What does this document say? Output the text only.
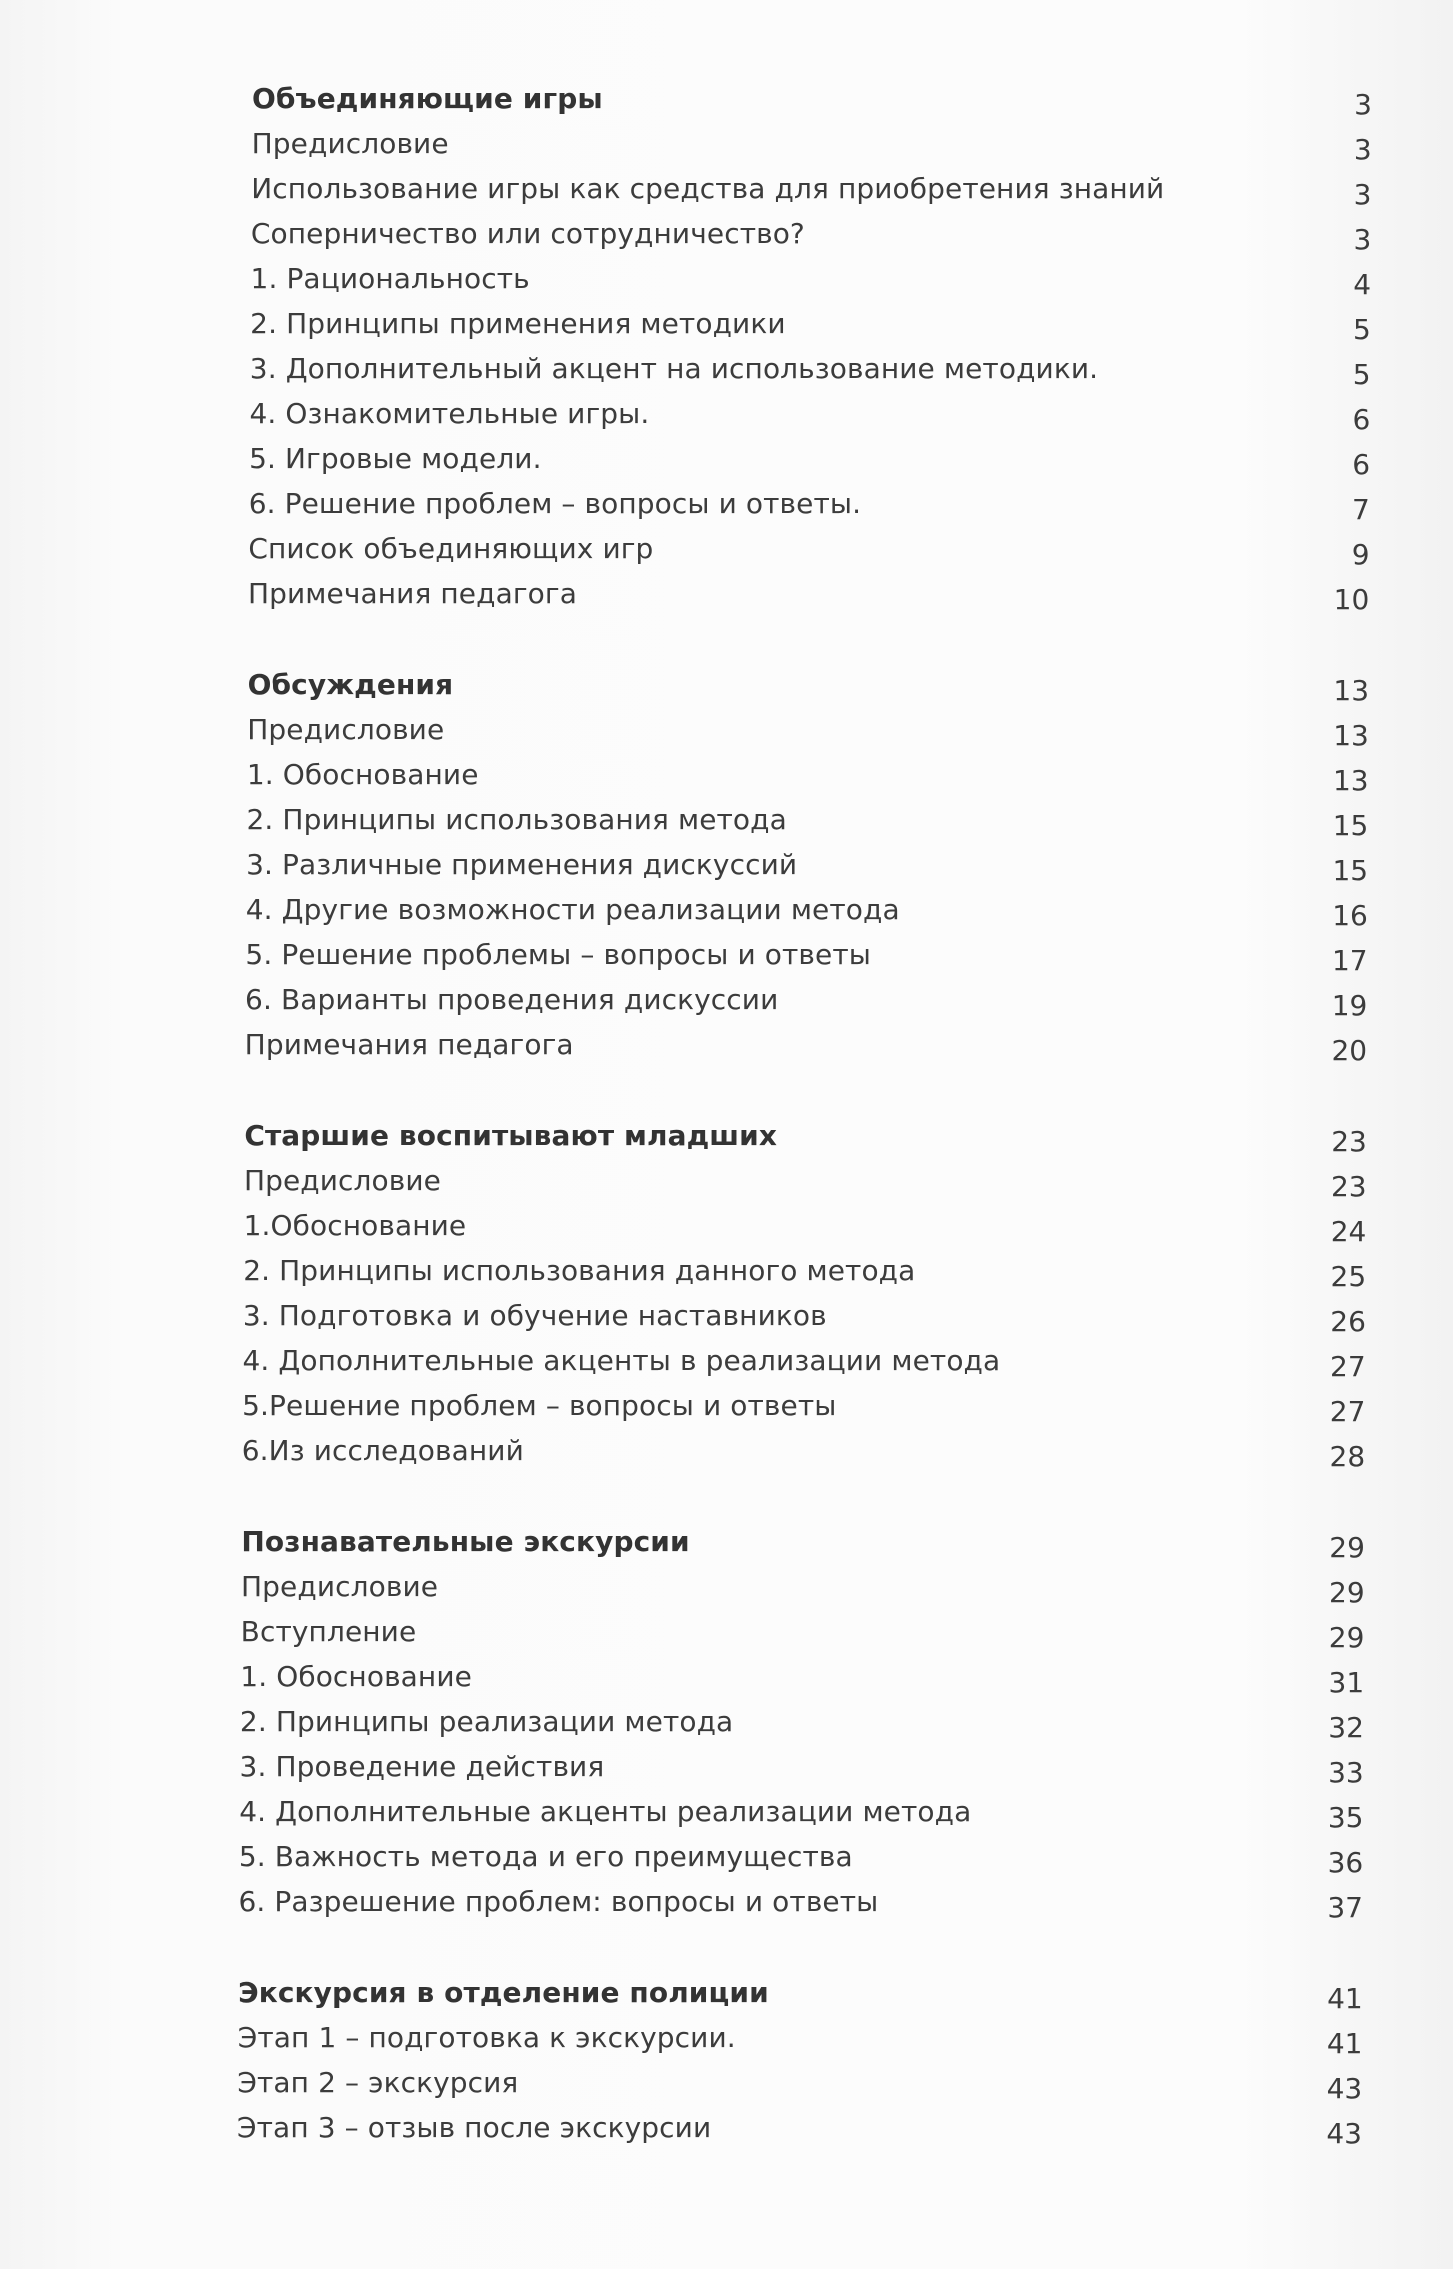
Объединяющие игры	3
Предисловие	3
Использование игры как средства для приобретения знаний	3
Соперничество или сотрудничество?	3
1. Рациональность	4
2. Принципы применения методики	5
3. Дополнительный акцент на использование методики.	5
4. Ознакомительные игры.	6
5. Игровые модели.	6
6. Решение проблем – вопросы и ответы.	7
Список объединяющих игр	9
Примечания педагога	10
Обсуждения	13
Предисловие	13
1. Обоснование	13
2. Принципы использования метода	15
3. Различные применения дискуссий	15
4. Другие возможности реализации метода	16
5. Решение проблемы – вопросы и ответы	17
6. Варианты проведения дискуссии	19
Примечания педагога	20
Старшие воспитывают младших	23
Предисловие	23
1.Обоснование	24
2. Принципы использования данного метода	25
3. Подготовка и обучение наставников	26
4. Дополнительные акценты в реализации метода	27
5.Решение проблем – вопросы и ответы	27
6.Из исследований	28
Познавательные экскурсии	29
Предисловие	29
Вступление	29
1. Обоснование	31
2. Принципы реализации метода	32
3. Проведение действия	33
4. Дополнительные акценты реализации метода	35
5. Важность метода и его преимущества	36
6. Разрешение проблем: вопросы и ответы	37
Экскурсия в отделение полиции	41
Этап 1 – подготовка к экскурсии.	41
Этап 2 – экскурсия	43
Этап 3 – отзыв после экскурсии	43
